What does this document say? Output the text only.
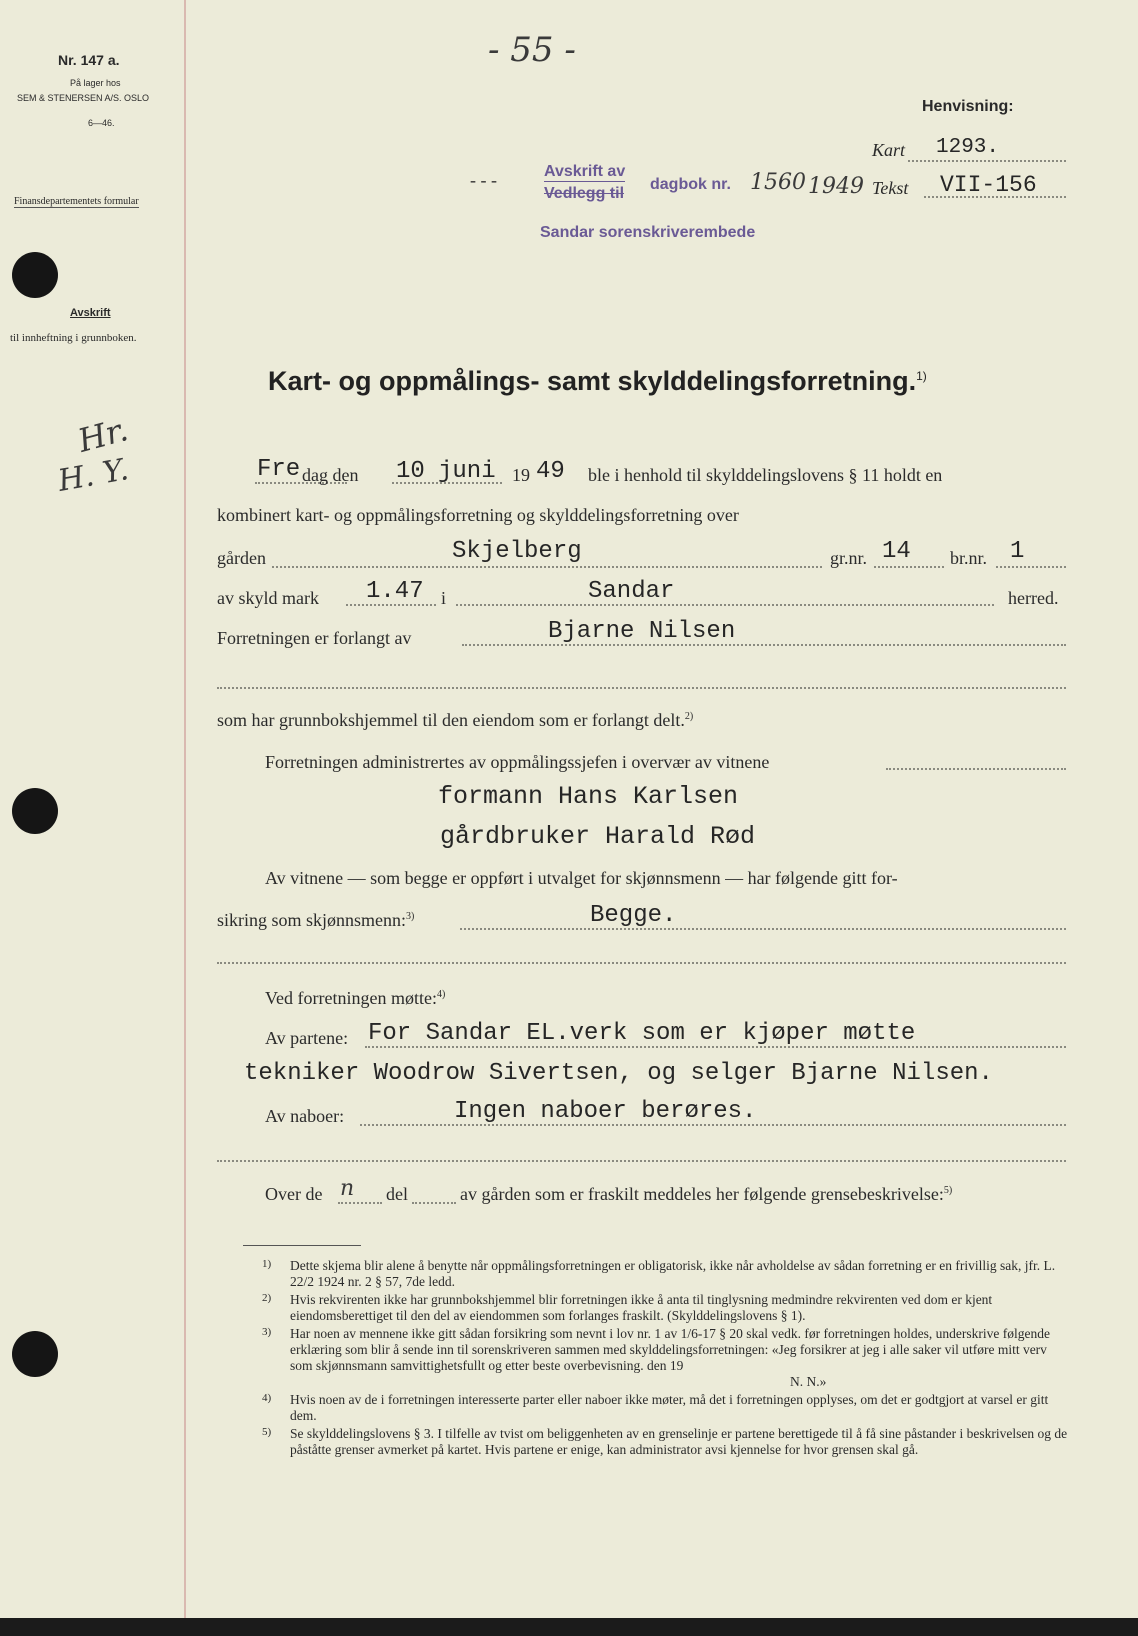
- 55 -
Nr. 147 a.
På lager hos
SEM & STENERSEN A/S. OSLO
6—46.
Finansdepartementets formular
Avskrift
til innheftning i grunnboken.
Hr.
H. Y.
Henvisning:
Kart 1293.
Tekst VII-156
- - -	Avskrift av
Vedlegg til
dagbok nr. 1560 1949
Sandar sorenskriverembede
Kart- og oppmålings- samt skylddelingsforretning.$^{1)}$
Fre dag den 10 juni 19 49 ble i henhold til skylddelingslovens § 11 holdt en
kombinert kart- og oppmålingsforretning og skylddelingsforretning over
gården	Skjelberg	gr.nr. 14 br.nr. 1
av skyld mark 1.47 i	Sandar	herred.
Forretningen er forlangt av	Bjarne Nilsen
som har grunnbokshjemmel til den eiendom som er forlangt delt.$^{2)}$
Forretningen administrertes av oppmålingssjefen i overvær av vitnene
formann Hans Karlsen
gårdbruker Harald Rød
Av vitnene — som begge er oppført i utvalget for skjønnsmenn — har følgende gitt for-
sikring som skjønnsmenn:$^{3)}$	Begge.
Ved forretningen møtte:$^{4)}$
Av partene: For Sandar EL.verk som er kjøper møtte
tekniker Woodrow Sivertsen, og selger Bjarne Nilsen.
Av naboer:	Ingen naboer berøres.
Over de n del	av gården som er fraskilt meddeles her følgende grensebeskrivelse:$^{5)}$
1)	Dette skjema blir alene å benytte når oppmålingsforretningen er obligatorisk, ikke når avholdelse av sådan forretning er en frivillig sak, jfr. L. 22/2 1924 nr. 2 § 57, 7de ledd.
2)	Hvis rekvirenten ikke har grunnbokshjemmel blir forretningen ikke å anta til tinglysning medmindre rekvirenten ved dom er kjent eiendomsberettiget til den del av eiendommen som forlanges fraskilt. (Skylddelingslovens § 1).
3)	Har noen av mennene ikke gitt sådan forsikring som nevnt i lov nr. 1 av 1/6-17 § 20 skal vedk. før forretningen holdes, underskrive følgende erklæring som blir å sende inn til sorenskriveren sammen med skylddelingsforretningen: «Jeg forsikrer at jeg i alle saker vil utføre mitt verv som skjønnsmann samvittighetsfullt og etter beste overbevisning. den 19
N. N.»
4)	Hvis noen av de i forretningen interesserte parter eller naboer ikke møter, må det i forretningen opplyses, om det er godtgjort at varsel er gitt dem.
5)	Se skylddelingslovens § 3. I tilfelle av tvist om beliggenheten av en grenselinje er partene berettigede til å få sine påstander i beskrivelsen og de påståtte grenser avmerket på kartet. Hvis partene er enige, kan administrator avsi kjennelse for hvor grensen skal gå.
